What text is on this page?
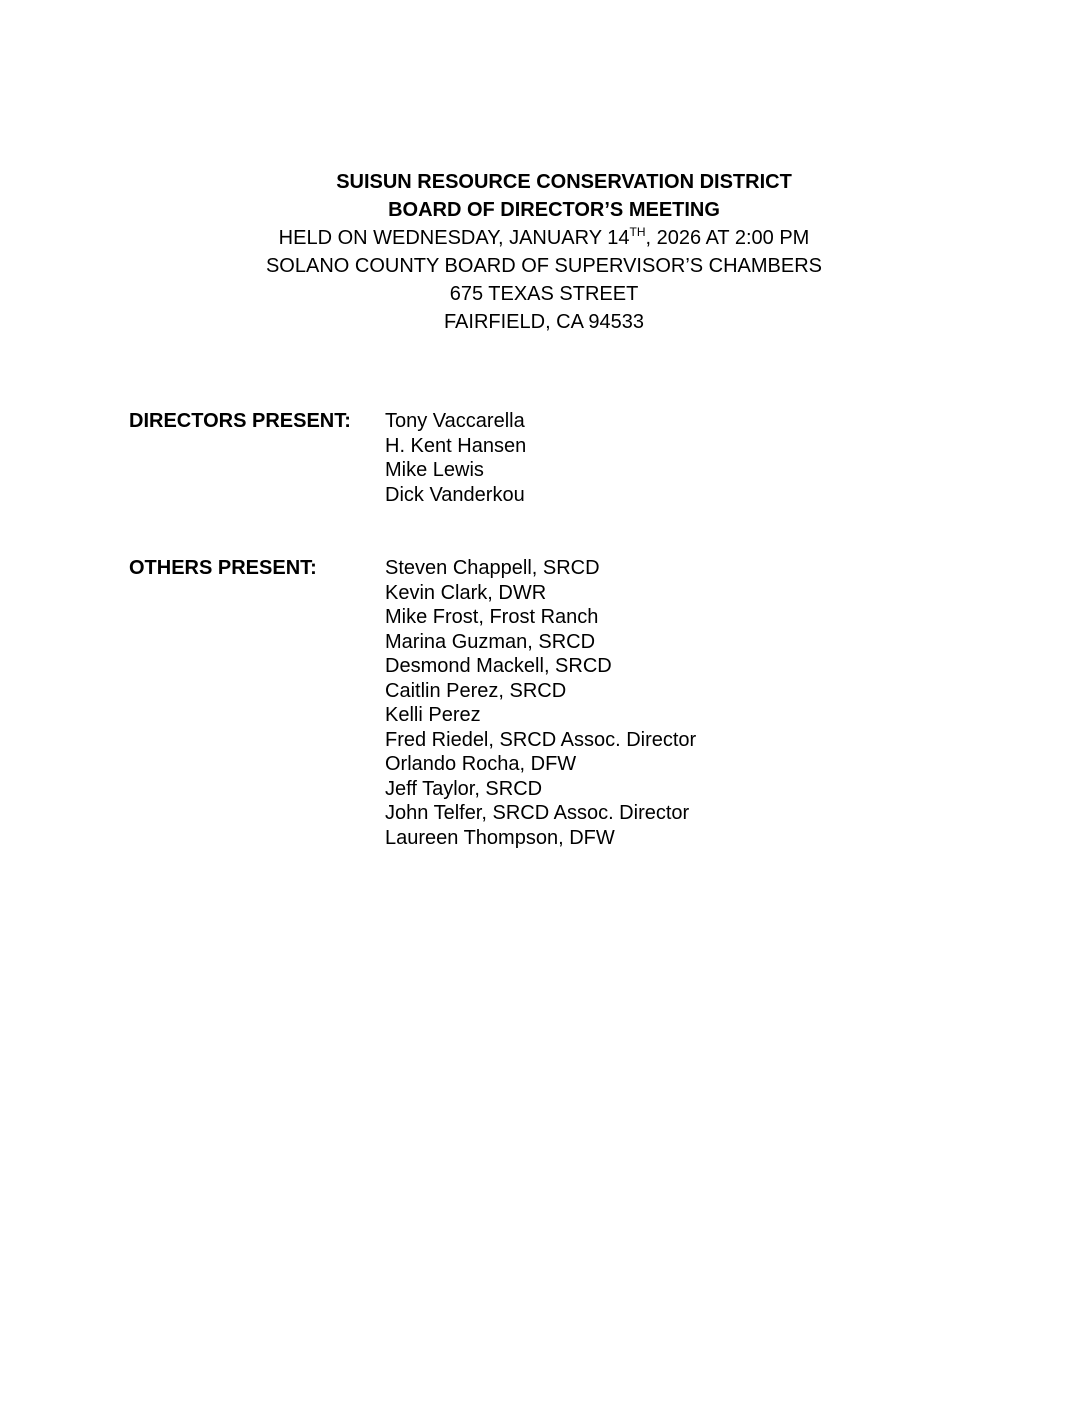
SUISUN RESOURCE CONSERVATION DISTRICT
BOARD OF DIRECTOR’S MEETING
HELD ON WEDNESDAY, JANUARY 14TH, 2026 AT 2:00 PM
SOLANO COUNTY BOARD OF SUPERVISOR’S CHAMBERS
675 TEXAS STREET
FAIRFIELD, CA 94533
DIRECTORS PRESENT: Tony Vaccarella
H. Kent Hansen
Mike Lewis
Dick Vanderkou
OTHERS PRESENT:	Steven Chappell, SRCD
Kevin Clark, DWR
Mike Frost, Frost Ranch
Marina Guzman, SRCD
Desmond Mackell, SRCD
Caitlin Perez, SRCD
Kelli Perez
Fred Riedel, SRCD Assoc. Director
Orlando Rocha, DFW
Jeff Taylor, SRCD
John Telfer, SRCD Assoc. Director
Laureen Thompson, DFW
